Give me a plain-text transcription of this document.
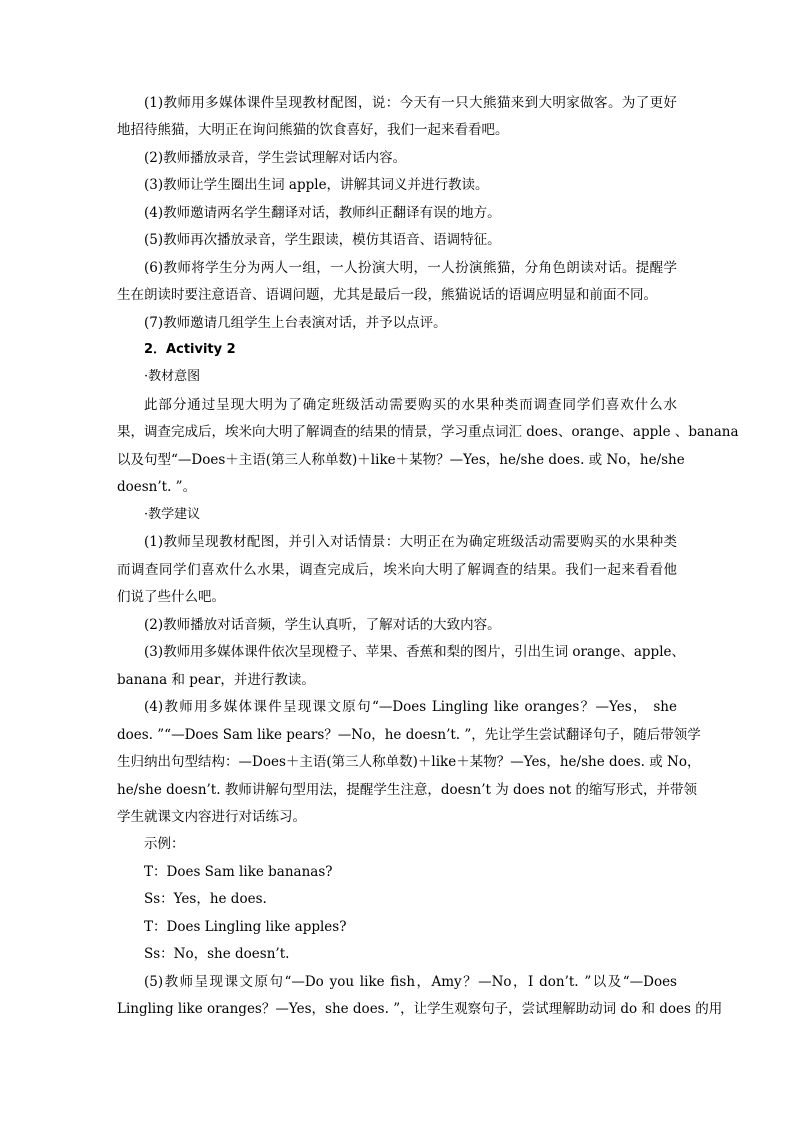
(1)教师用多媒体课件呈现教材配图，说：今天有一只大熊猫来到大明家做客。为了更好
地招待熊猫，大明正在询问熊猫的饮食喜好，我们一起来看看吧。
(2)教师播放录音，学生尝试理解对话内容。
(3)教师让学生圈出生词 apple，讲解其词义并进行教读。
(4)教师邀请两名学生翻译对话，教师纠正翻译有误的地方。
(5)教师再次播放录音，学生跟读，模仿其语音、语调特征。
(6)教师将学生分为两人一组，一人扮演大明，一人扮演熊猫，分角色朗读对话。提醒学
生在朗读时要注意语音、语调问题，尤其是最后一段，熊猫说话的语调应明显和前面不同。
(7)教师邀请几组学生上台表演对话，并予以点评。
2．Activity 2
·教材意图
此部分通过呈现大明为了确定班级活动需要购买的水果种类而调查同学们喜欢什么水
果，调查完成后，埃米向大明了解调查的结果的情景，学习重点词汇 does、orange、apple 、banana
以及句型“—Does＋主语(第三人称单数)＋like＋某物？—Yes，he/she does. 或 No，he/she
doesn’t. ”。
·教学建议
(1)教师呈现教材配图，并引入对话情景：大明正在为确定班级活动需要购买的水果种类
而调查同学们喜欢什么水果，调查完成后，埃米向大明了解调查的结果。我们一起来看看他
们说了些什么吧。
(2)教师播放对话音频，学生认真听，了解对话的大致内容。
(3)教师用多媒体课件依次呈现橙子、苹果、香蕉和梨的图片，引出生词 orange、apple、
banana 和 pear，并进行教读。
(4)教师用多媒体课件呈现课文原句“—Does Lingling like oranges？—Yes， she
does. ”“—Does Sam like pears？—No，he doesn’t. ”，先让学生尝试翻译句子，随后带领学
生归纳出句型结构：—Does＋主语(第三人称单数)＋like＋某物？—Yes，he/she does. 或 No，
he/she doesn’t. 教师讲解句型用法，提醒学生注意，doesn’t 为 does not 的缩写形式，并带领
学生就课文内容进行对话练习。
示例：
T：Does Sam like bananas?
Ss：Yes，he does.
T：Does Lingling like apples?
Ss：No，she doesn’t.
(5)教师呈现课文原句“—Do you like fish，Amy？—No，I don’t. ”以及“—Does
Lingling like oranges？—Yes，she does. ”，让学生观察句子，尝试理解助动词 do 和 does 的用
